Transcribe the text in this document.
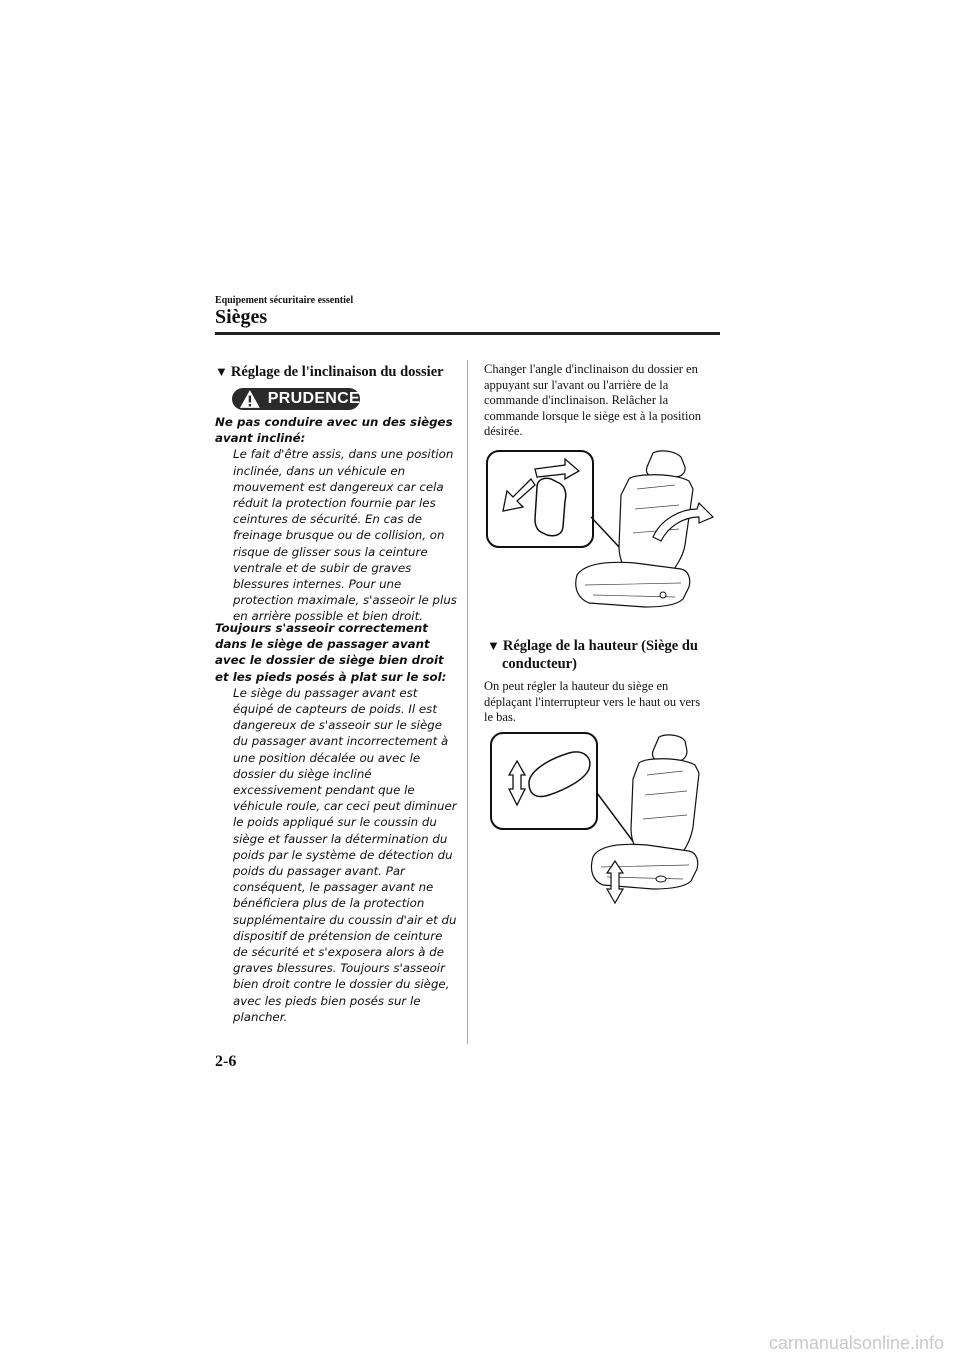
Equipement sécuritaire essentiel
Sièges
▼ Réglage de l'inclinaison du dossier
PRUDENCE
Ne pas conduire avec un des sièges avant incliné:
Le fait d'être assis, dans une position inclinée, dans un véhicule en mouvement est dangereux car cela réduit la protection fournie par les ceintures de sécurité. En cas de freinage brusque ou de collision, on risque de glisser sous la ceinture ventrale et de subir de graves blessures internes. Pour une protection maximale, s'asseoir le plus en arrière possible et bien droit.
Toujours s'asseoir correctement dans le siège de passager avant avec le dossier de siège bien droit et les pieds posés à plat sur le sol:
Le siège du passager avant est équipé de capteurs de poids. Il est dangereux de s'asseoir sur le siège du passager avant incorrectement à une position décalée ou avec le dossier du siège incliné excessivement pendant que le véhicule roule, car ceci peut diminuer le poids appliqué sur le coussin du siège et fausser la détermination du poids par le système de détection du poids du passager avant. Par conséquent, le passager avant ne bénéficiera plus de la protection supplémentaire du coussin d'air et du dispositif de prétension de ceinture de sécurité et s'exposera alors à de graves blessures. Toujours s'asseoir bien droit contre le dossier du siège, avec les pieds bien posés sur le plancher.
Changer l'angle d'inclinaison du dossier en appuyant sur l'avant ou l'arrière de la commande d'inclinaison. Relâcher la commande lorsque le siège est à la position désirée.
▼ Réglage de la hauteur (Siège du
conducteur)
On peut régler la hauteur du siège en déplaçant l'interrupteur vers le haut ou vers le bas.
2-6
carmanualsonline.info
